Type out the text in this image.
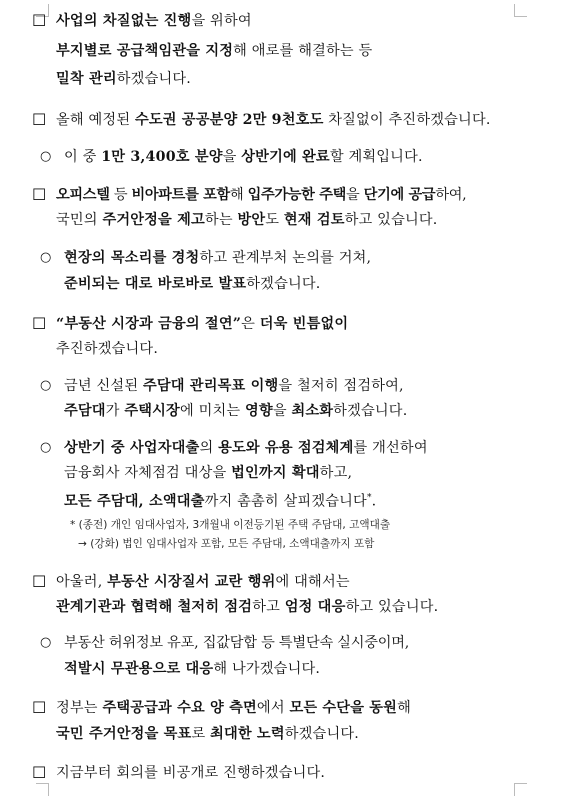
☐ 사업의 차질없는 진행을 위하여
부지별로 공급책임관을 지정해 애로를 해결하는 등
밀착 관리하겠습니다.
☐ 올해 예정된 수도권 공공분양 2만 9천호도 차질없이 추진하겠습니다.
○ 이 중 1만 3,400호 분양을 상반기에 완료할 계획입니다.
☐ 오피스텔 등 비아파트를 포함해 입주가능한 주택을 단기에 공급하여,
국민의 주거안정을 제고하는 방안도 현재 검토하고 있습니다.
○ 현장의 목소리를 경청하고 관계부처 논의를 거쳐,
준비되는 대로 바로바로 발표하겠습니다.
☐ “부동산 시장과 금융의 절연”은 더욱 빈틈없이
추진하겠습니다.
○ 금년 신설된 주담대 관리목표 이행을 철저히 점검하여,
주담대가 주택시장에 미치는 영향을 최소화하겠습니다.
○ 상반기 중 사업자대출의 용도와 유용 점검체계를 개선하여
금융회사 자체점검 대상을 법인까지 확대하고,
모든 주담대, 소액대출까지 촘촘히 살피겠습니다*.
* (종전) 개인 임대사업자, 3개월내 이전등기된 주택 주담대, 고액대출
→ (강화) 법인 임대사업자 포함, 모든 주담대, 소액대출까지 포함
☐ 아울러, 부동산 시장질서 교란 행위에 대해서는
관계기관과 협력해 철저히 점검하고 엄정 대응하고 있습니다.
○ 부동산 허위정보 유포, 집값담합 등 특별단속 실시중이며,
적발시 무관용으로 대응해 나가겠습니다.
☐ 정부는 주택공급과 수요 양 측면에서 모든 수단을 동원해
국민 주거안정을 목표로 최대한 노력하겠습니다.
☐ 지금부터 회의를 비공개로 진행하겠습니다.
